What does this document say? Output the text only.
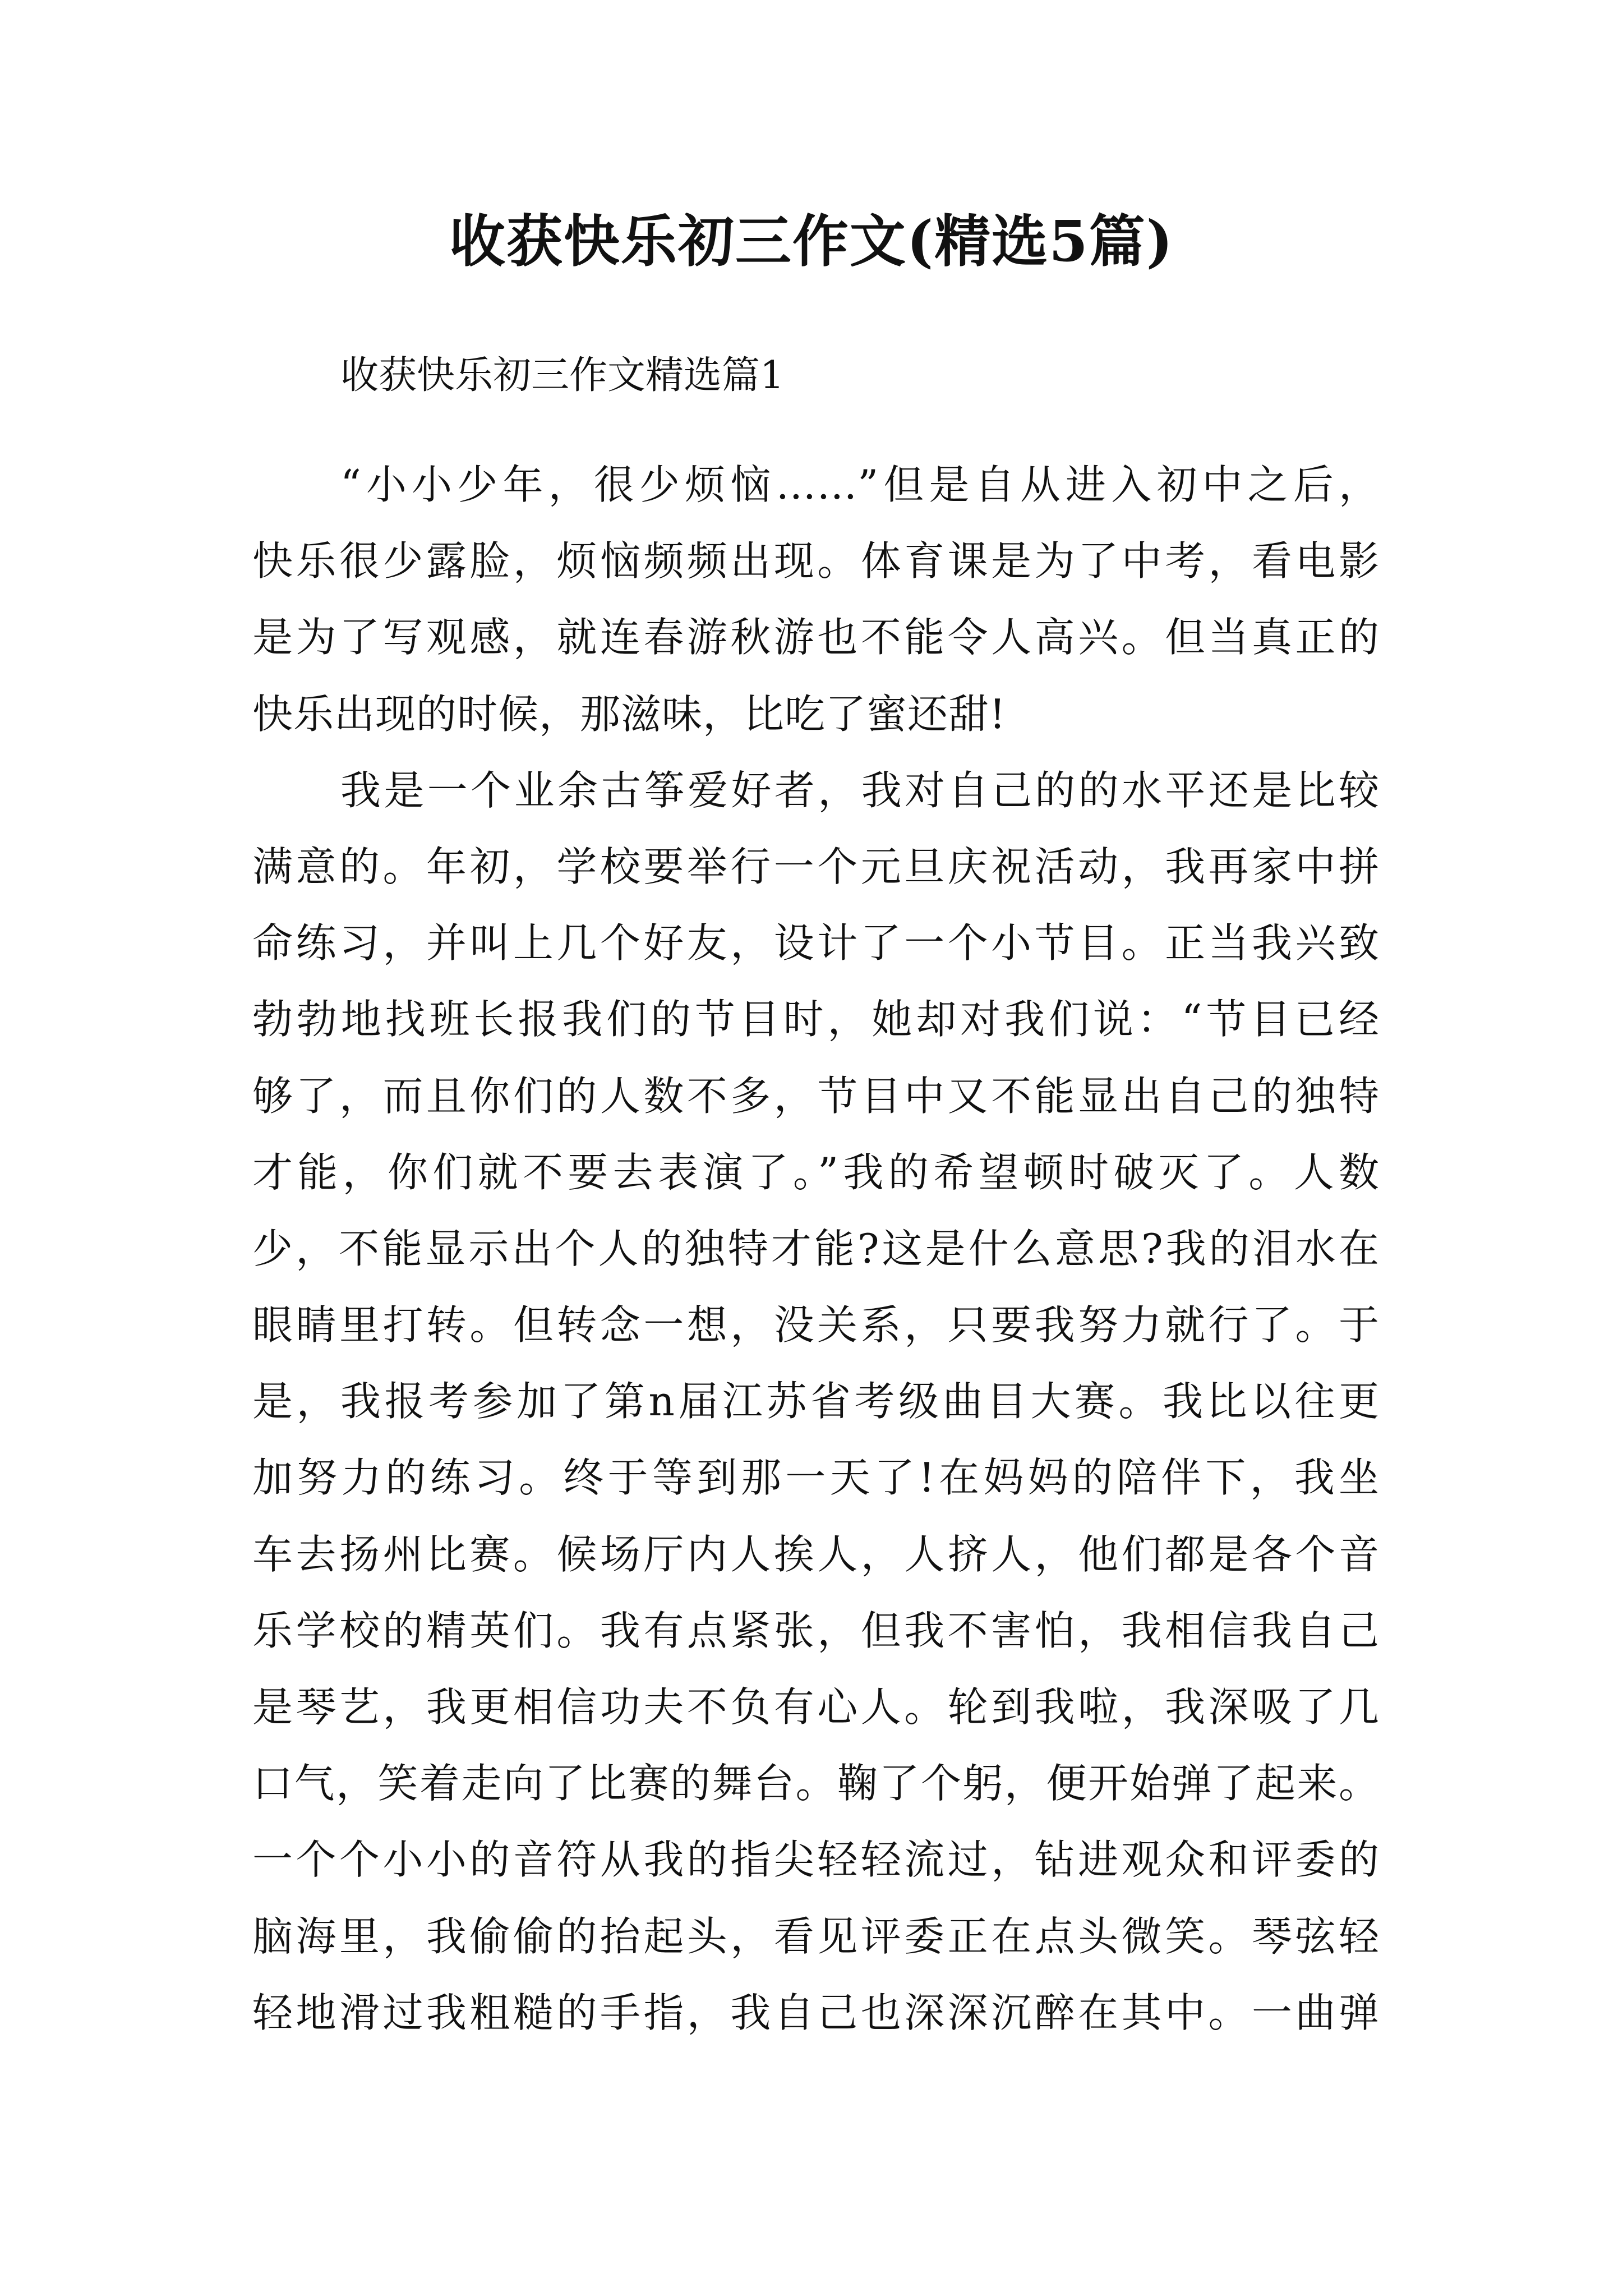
收获快乐初三作文(精选5篇)
收获快乐初三作文精选篇1
“小小少年，很少烦恼……”但是自从进入初中之后，
快乐很少露脸，烦恼频频出现。体育课是为了中考，看电影
是为了写观感，就连春游秋游也不能令人高兴。但当真正的
快乐出现的时候，那滋味，比吃了蜜还甜!
我是一个业余古筝爱好者，我对自己的的水平还是比较
满意的。年初，学校要举行一个元旦庆祝活动，我再家中拼
命练习，并叫上几个好友，设计了一个小节目。正当我兴致
勃勃地找班长报我们的节目时，她却对我们说：“节目已经
够了，而且你们的人数不多，节目中又不能显出自己的独特
才能，你们就不要去表演了。”我的希望顿时破灭了。人数
少，不能显示出个人的独特才能?这是什么意思?我的泪水在
眼睛里打转。但转念一想，没关系，只要我努力就行了。于
是，我报考参加了第n届江苏省考级曲目大赛。我比以往更
加努力的练习。终于等到那一天了!在妈妈的陪伴下，我坐
车去扬州比赛。候场厅内人挨人，人挤人，他们都是各个音
乐学校的精英们。我有点紧张，但我不害怕，我相信我自己
是琴艺，我更相信功夫不负有心人。轮到我啦，我深吸了几
口气，笑着走向了比赛的舞台。鞠了个躬，便开始弹了起来。
一个个小小的音符从我的指尖轻轻流过，钻进观众和评委的
脑海里，我偷偷的抬起头，看见评委正在点头微笑。琴弦轻
轻地滑过我粗糙的手指，我自己也深深沉醉在其中。一曲弹
